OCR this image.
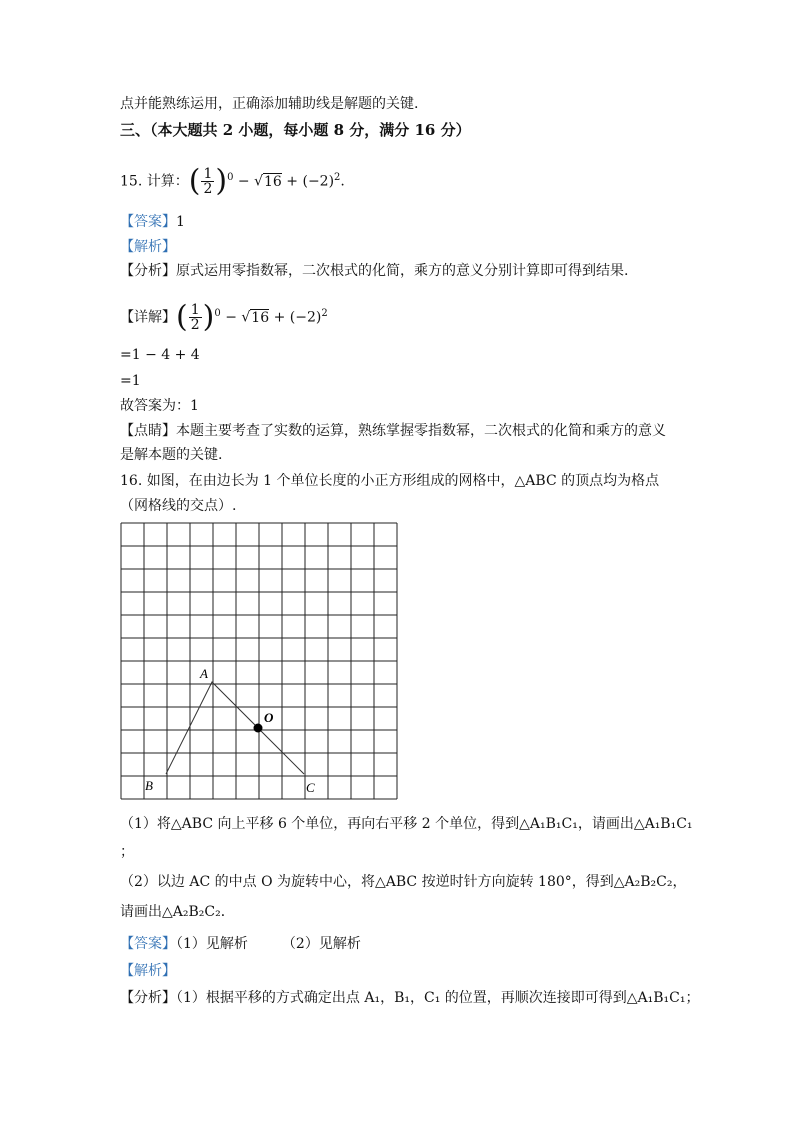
点并能熟练运用，正确添加辅助线是解题的关键.
三、（本大题共 2 小题，每小题 8 分，满分 16 分）
15. 计算：( $\frac{1}{2} )^0 - √16 + (-2)^2$.
【答案】1
【解析】
【分析】原式运用零指数幂，二次根式的化简，乘方的意义分别计算即可得到结果.
【详解】( $\frac{1}{2} )^0 - √16 + (-2)^2$
=1 − 4 + 4
=1
故答案为：1
【点睛】本题主要考查了实数的运算，熟练掌握零指数幂，二次根式的化简和乘方的意义
是解本题的关键.
16. 如图，在由边长为 1 个单位长度的小正方形组成的网格中，△ABC 的顶点均为格点
（网格线的交点）.
A
B	C
O
（1）将△ABC 向上平移 6 个单位，再向右平移 2 个单位，得到△A₁B₁C₁，请画出△A₁B₁C₁
；
（2）以边 AC 的中点 O 为旋转中心，将△ABC 按逆时针方向旋转 180°，得到△A₂B₂C₂，
请画出△A₂B₂C₂．
【答案】（1）见解析 （2）见解析
【解析】
【分析】（1）根据平移的方式确定出点 A₁，B₁，C₁ 的位置，再顺次连接即可得到△A₁B₁C₁；
